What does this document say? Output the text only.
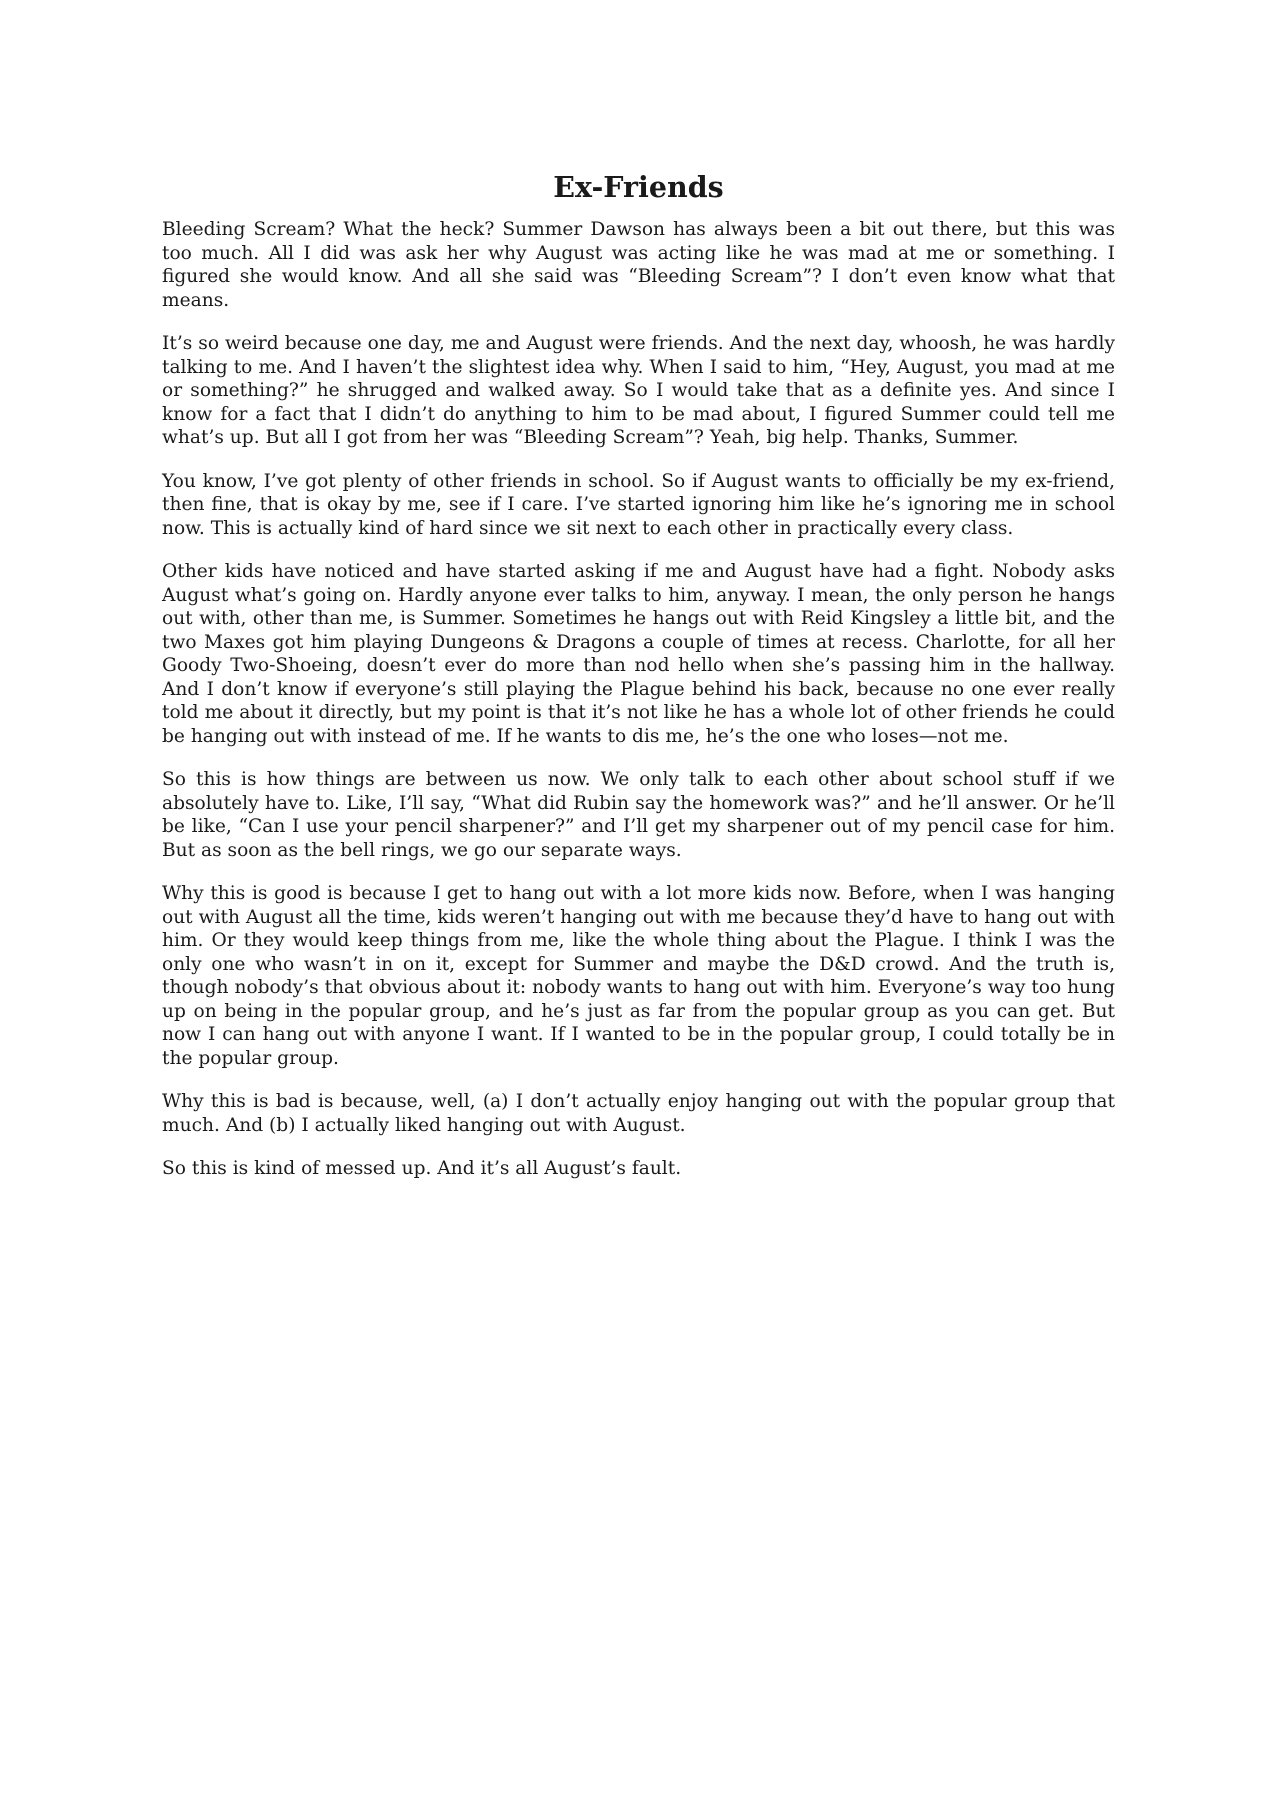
Ex-Friends

Bleeding Scream? What the heck? Summer Dawson has always been a bit out there, but this was too much. All I did was ask her why August was acting like he was mad at me or something. I figured she would know. And all she said was “Bleeding Scream”? I don’t even know what that means.

It’s so weird because one day, me and August were friends. And the next day, whoosh, he was hardly talking to me. And I haven’t the slightest idea why. When I said to him, “Hey, August, you mad at me or something?” he shrugged and walked away. So I would take that as a definite yes. And since I know for a fact that I didn’t do anything to him to be mad about, I figured Summer could tell me what’s up. But all I got from her was “Bleeding Scream”? Yeah, big help. Thanks, Summer.

You know, I’ve got plenty of other friends in school. So if August wants to officially be my ex-friend, then fine, that is okay by me, see if I care. I’ve started ignoring him like he’s ignoring me in school now. This is actually kind of hard since we sit next to each other in practically every class.

Other kids have noticed and have started asking if me and August have had a fight. Nobody asks August what’s going on. Hardly anyone ever talks to him, anyway. I mean, the only person he hangs out with, other than me, is Summer. Sometimes he hangs out with Reid Kingsley a little bit, and the two Maxes got him playing Dungeons & Dragons a couple of times at recess. Charlotte, for all her Goody Two-Shoeing, doesn’t ever do more than nod hello when she’s passing him in the hallway. And I don’t know if everyone’s still playing the Plague behind his back, because no one ever really told me about it directly, but my point is that it’s not like he has a whole lot of other friends he could be hanging out with instead of me. If he wants to dis me, he’s the one who loses—not me.

So this is how things are between us now. We only talk to each other about school stuff if we absolutely have to. Like, I’ll say, “What did Rubin say the homework was?” and he’ll answer. Or he’ll be like, “Can I use your pencil sharpener?” and I’ll get my sharpener out of my pencil case for him. But as soon as the bell rings, we go our separate ways.

Why this is good is because I get to hang out with a lot more kids now. Before, when I was hanging out with August all the time, kids weren’t hanging out with me because they’d have to hang out with him. Or they would keep things from me, like the whole thing about the Plague. I think I was the only one who wasn’t in on it, except for Summer and maybe the D&D crowd. And the truth is, though nobody’s that obvious about it: nobody wants to hang out with him. Everyone’s way too hung up on being in the popular group, and he’s just as far from the popular group as you can get. But now I can hang out with anyone I want. If I wanted to be in the popular group, I could totally be in the popular group.

Why this is bad is because, well, (a) I don’t actually enjoy hanging out with the popular group that much. And (b) I actually liked hanging out with August.

So this is kind of messed up. And it’s all August’s fault.
